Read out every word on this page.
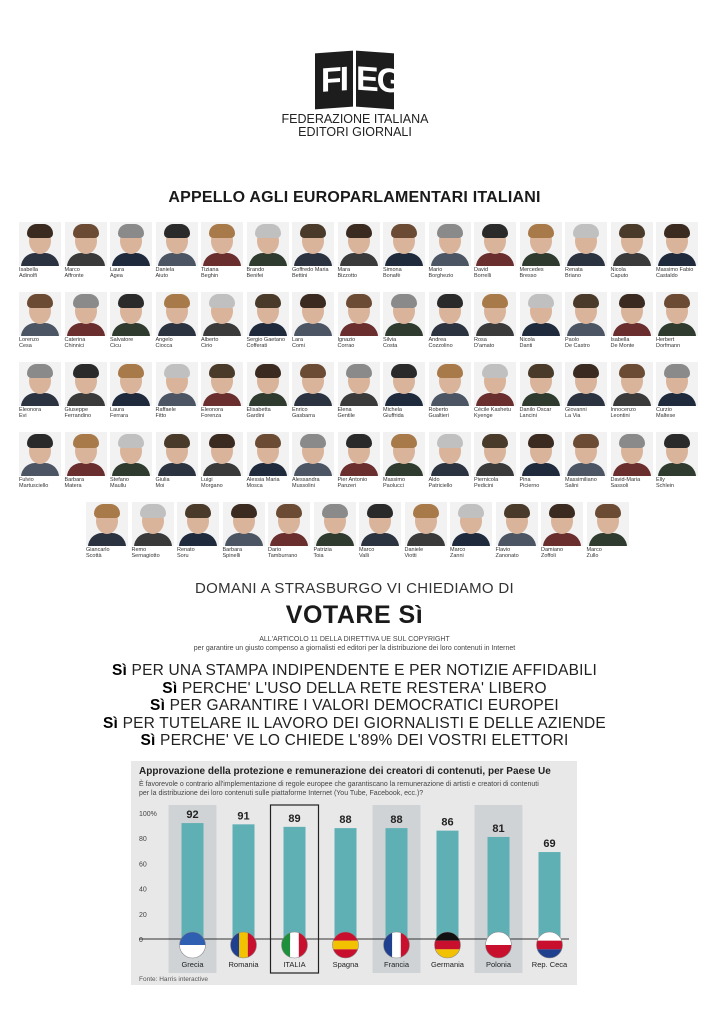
FI EG
FEDERAZIONE ITALIANA
EDITORI GIORNALI
APPELLO AGLI EUROPARLAMENTARI ITALIANI
Isabella
Adinolfi
Marco
Affronte
Laura
Agea
Daniela
Aiuto
Tiziana
Beghin
Brando
Benifei
Goffredo Maria
Bettini
Mara
Bizzotto
Simona
Bonafè
Mario
Borghezio
David
Borrelli
Mercedes
Bresso
Renata
Briano
Nicola
Caputo
Massimo Fabio
Castaldo
Lorenzo
Cesa
Caterina
Chinnici
Salvatore
Cicu
Angelo
Ciocca
Alberto
Cirio
Sergio Gaetano
Cofferati
Lara
Comi
Ignazio
Corrao
Silvia
Costa
Andrea
Cozzolino
Rosa
D'amato
Nicola
Danti
Paolo
De Castro
Isabella
De Monte
Herbert
Dorfmann
Eleonora
Evi
Giuseppe
Ferrandino
Laura
Ferrara
Raffaele
Fitto
Eleonora
Forenza
Elisabetta
Gardini
Enrico
Gasbarra
Elena
Gentile
Michela
Giuffrida
Roberto
Gualtieri
Cécile Kashetu
Kyenge
Danilo Oscar
Lancini
Giovanni
La Via
Innocenzo
Leontini
Curzio
Maltese
Fulvio
Martusciello
Barbara
Matera
Stefano
Maullu
Giulia
Moi
Luigi
Morgano
Alessia Maria
Mosca
Alessandra
Mussolini
Pier Antonio
Panzeri
Massimo
Paolucci
Aldo
Patriciello
Piernicola
Pedicini
Pina
Picierno
Massimiliano
Salini
David-Maria
Sassoli
Elly
Schlein
Giancarlo
Scottà
Remo
Sernagiotto
Renato
Soru
Barbara
Spinelli
Dario
Tamburrano
Patrizia
Toia
Marco
Valli
Daniele
Viotti
Marco
Zanni
Flavio
Zanonato
Damiano
Zoffoli
Marco
Zullo
DOMANI A STRASBURGO VI CHIEDIAMO DI
VOTARE Sì
ALL'ARTICOLO 11 DELLA DIRETTIVA UE SUL COPYRIGHT
per garantire un giusto compenso a giornalisti ed editori per la distribuzione dei loro contenuti in Internet
Sì PER UNA STAMPA INDIPENDENTE E PER NOTIZIE AFFIDABILI
Sì PERCHE' L'USO DELLA RETE RESTERA' LIBERO
Sì PER GARANTIRE I VALORI DEMOCRATICI EUROPEI
Sì PER TUTELARE IL LAVORO DEI GIORNALISTI E DELLE AZIENDE
Sì PERCHE' VE LO CHIEDE L'89% DEI VOSTRI ELETTORI
Approvazione della protezione e remunerazione dei creatori di contenuti, per Paese Ue
È favorevole o contrario all'implementazione di regole europee che garantiscano la remunerazione di artisti e creatori di contenuti
per la distribuzione dei loro contenuti sulle piattaforme Internet (You Tube, Facebook, ecc.)?
100%
80
60
40
20
0
92
Grecia
91
Romania
89
ITALIA
88
Spagna
88
Francia
86
Germania
81
Polonia
69
Rep. Ceca
Fonte: Harris interactive
